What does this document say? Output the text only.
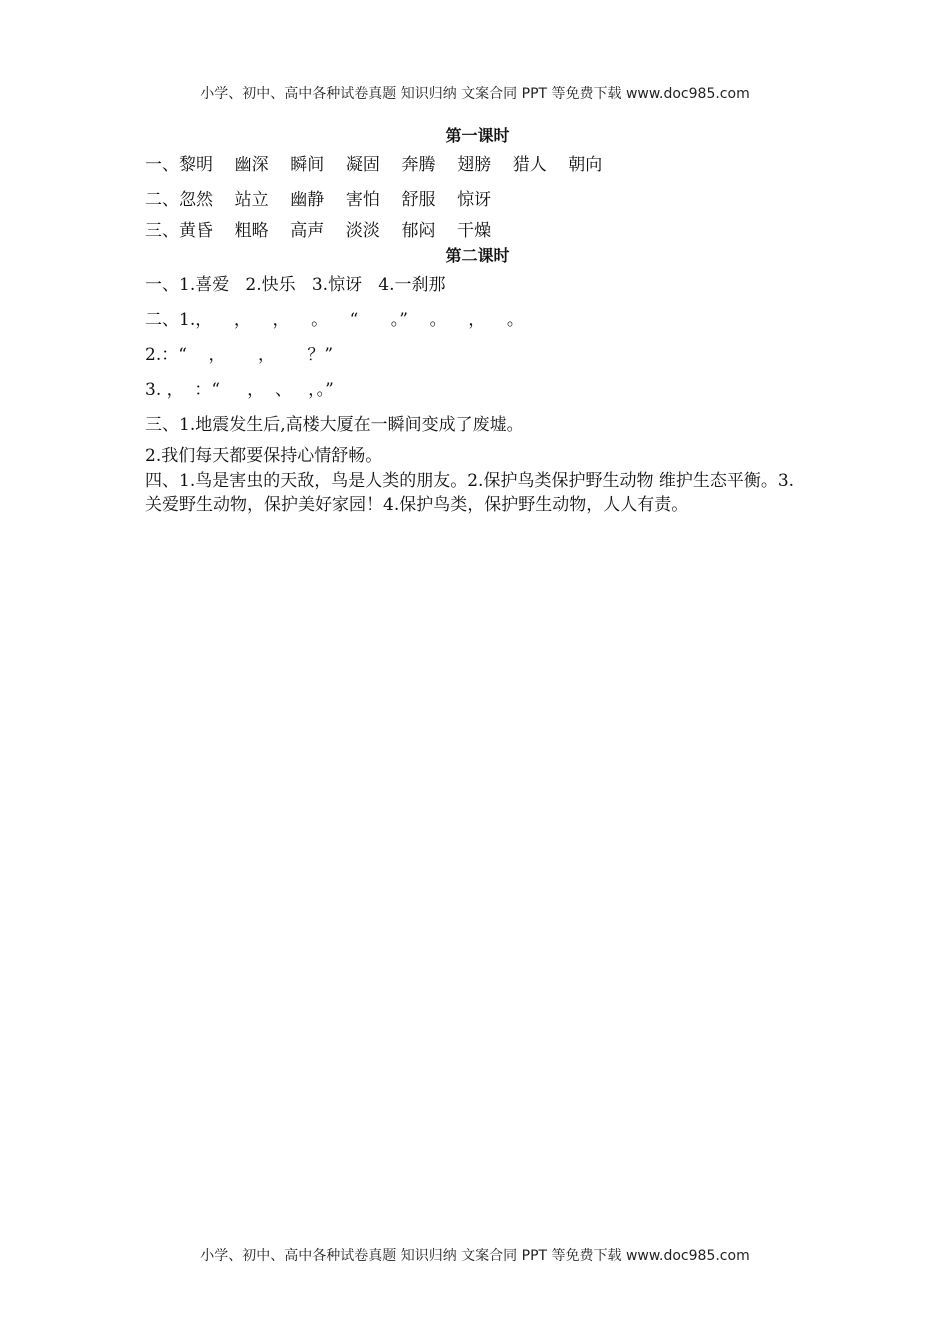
小学、初中、高中各种试卷真题 知识归纳 文案合同 PPT 等免费下载 www.doc985.com

第一课时

一、黎明    幽深    瞬间    凝固    奔腾    翅膀    猎人    朝向

二、忽然    站立    幽静    害怕    舒服    惊讶

三、黄昏    粗略    高声    淡淡    郁闷    干燥

第二课时

一、1.喜爱   2.快乐   3.惊讶   4.一刹那

二、1.，    ，    ，    。    “      。”    。    ，    。

2.：“    ，      ，      ？”

3. ，  ：“     ，  、   ，。”

三、1.地震发生后,高楼大厦在一瞬间变成了废墟。

2.我们每天都要保持心情舒畅。

四、1.鸟是害虫的天敌，鸟是人类的朋友。2.保护鸟类保护野生动物 维护生态平衡。3.关爱野生动物，保护美好家园！4.保护鸟类，保护野生动物，人人有责。

小学、初中、高中各种试卷真题 知识归纳 文案合同 PPT 等免费下载 www.doc985.com
